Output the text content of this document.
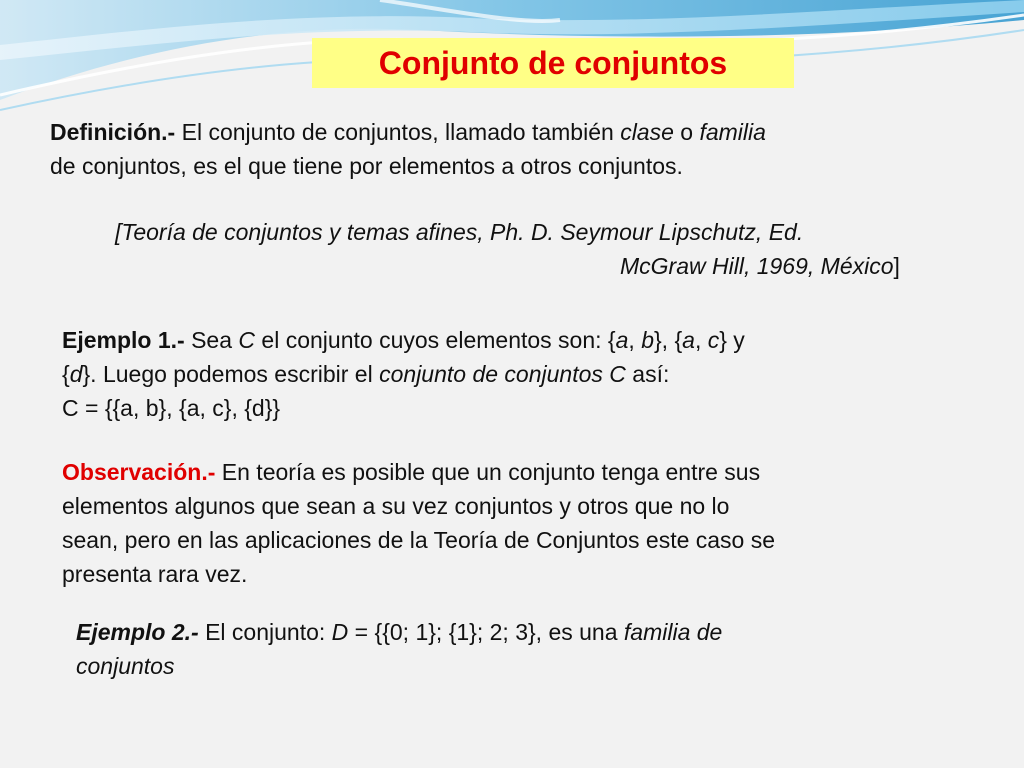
Conjunto de conjuntos
Definición.- El conjunto de conjuntos, llamado también clase o familia
de conjuntos, es el que tiene por elementos a otros conjuntos.
[Teoría de conjuntos y temas afines, Ph. D. Seymour Lipschutz, Ed.
McGraw Hill, 1969, México]
Ejemplo 1.- Sea C el conjunto cuyos elementos son: {a, b}, {a, c} y
{d}. Luego podemos escribir el conjunto de conjuntos C así:
C = {{a, b}, {a, c}, {d}}
Observación.- En teoría es posible que un conjunto tenga entre sus
elementos algunos que sean a su vez conjuntos y otros que no lo
sean, pero en las aplicaciones de la Teoría de Conjuntos este caso se
presenta rara vez.
Ejemplo 2.- El conjunto: D = {{0; 1}; {1}; 2; 3}, es una familia de
conjuntos
